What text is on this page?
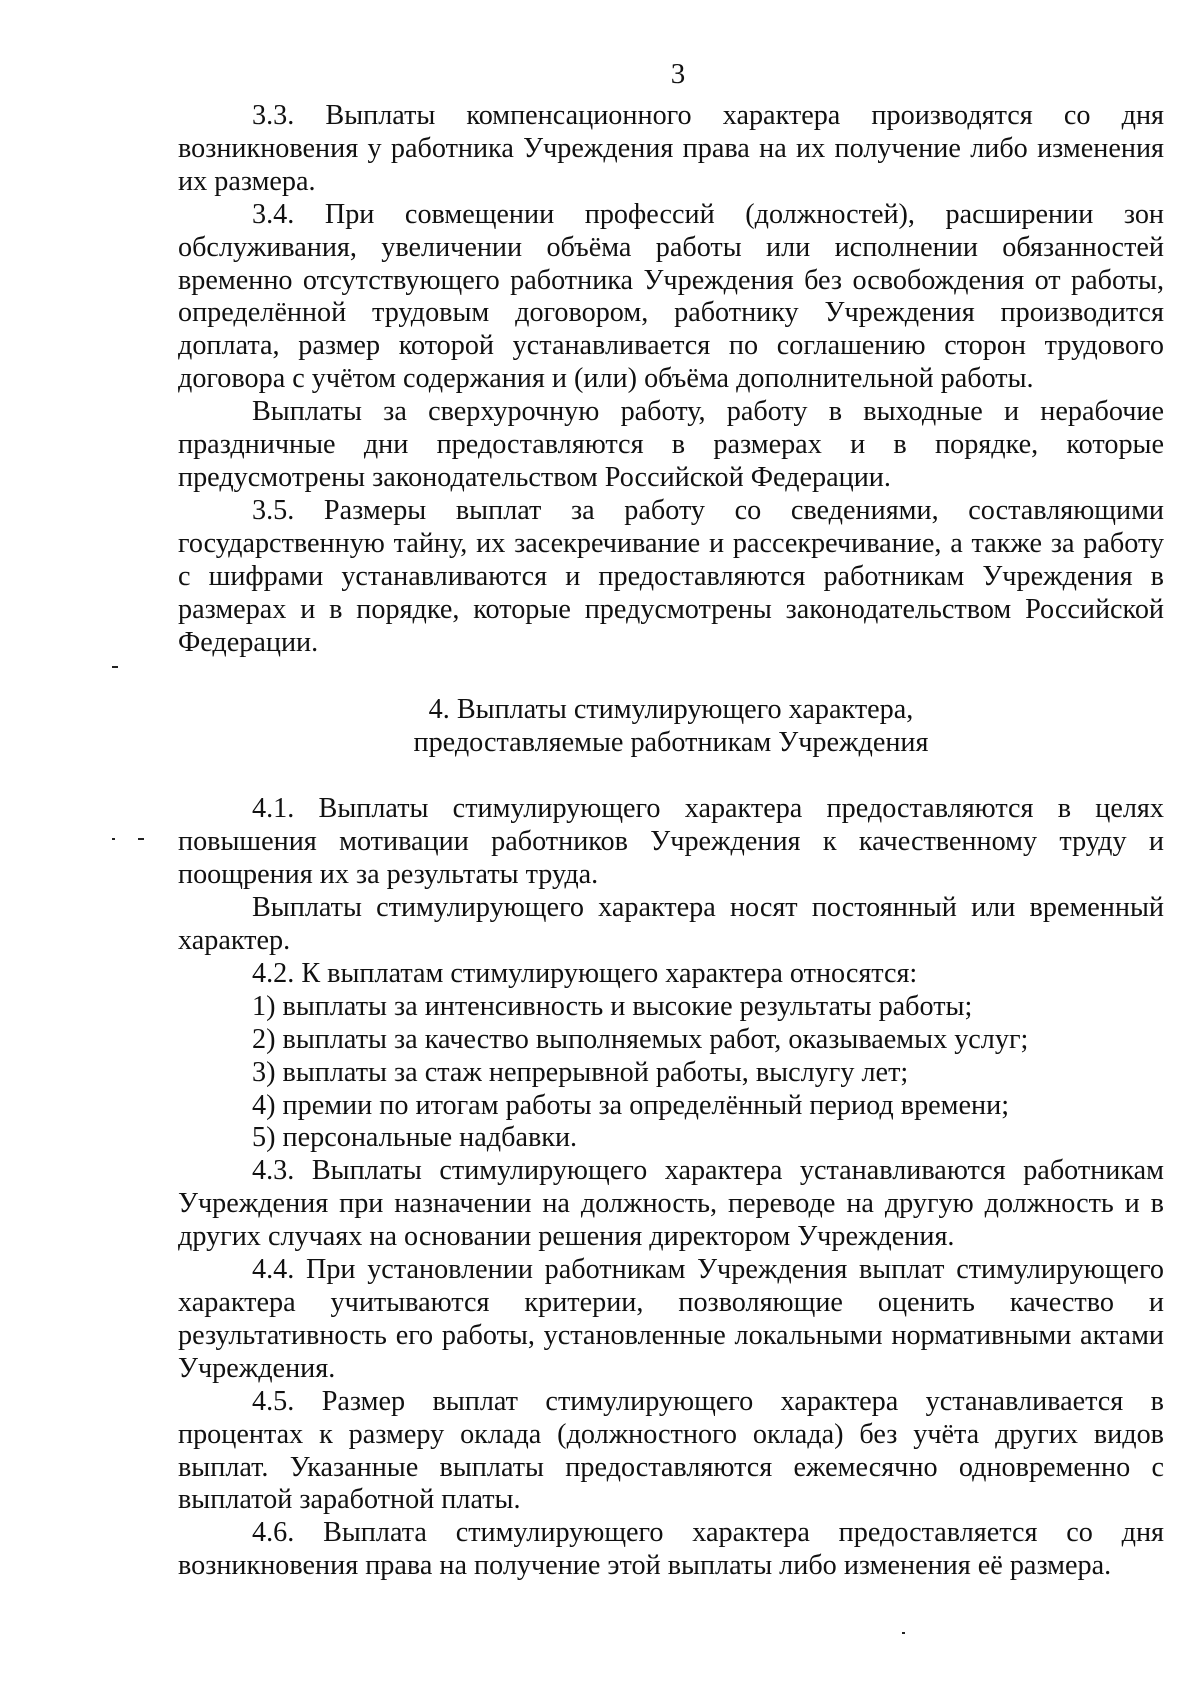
3

3.3. Выплаты компенсационного характера производятся со дня возникновения у работника Учреждения права на их получение либо изменения их размера.

3.4. При совмещении профессий (должностей), расширении зон обслуживания, увеличении объёма работы или исполнении обязанностей временно отсутствующего работника Учреждения без освобождения от работы, определённой трудовым договором, работнику Учреждения производится доплата, размер которой устанавливается по соглашению сторон трудового договора с учётом содержания и (или) объёма дополнительной работы.

Выплаты за сверхурочную работу, работу в выходные и нерабочие праздничные дни предоставляются в размерах и в порядке, которые предусмотрены законодательством Российской Федерации.

3.5. Размеры выплат за работу со сведениями, составляющими государственную тайну, их засекречивание и рассекречивание, а также за работу с шифрами устанавливаются и предоставляются работникам Учреждения в размерах и в порядке, которые предусмотрены законодательством Российской Федерации.

4. Выплаты стимулирующего характера,
предоставляемые работникам Учреждения

4.1. Выплаты стимулирующего характера предоставляются в целях повышения мотивации работников Учреждения к качественному труду и поощрения их за результаты труда.

Выплаты стимулирующего характера носят постоянный или временный характер.

4.2. К выплатам стимулирующего характера относятся:

1) выплаты за интенсивность и высокие результаты работы;

2) выплаты за качество выполняемых работ, оказываемых услуг;

3) выплаты за стаж непрерывной работы, выслугу лет;

4) премии по итогам работы за определённый период времени;

5) персональные надбавки.

4.3. Выплаты стимулирующего характера устанавливаются работникам Учреждения при назначении на должность, переводе на другую должность и в других случаях на основании решения директором Учреждения.

4.4. При установлении работникам Учреждения выплат стимулирующего характера учитываются критерии, позволяющие оценить качество и результативность его работы, установленные локальными нормативными актами Учреждения.

4.5. Размер выплат стимулирующего характера устанавливается в процентах к размеру оклада (должностного оклада) без учёта других видов выплат. Указанные выплаты предоставляются ежемесячно одновременно с выплатой заработной платы.

4.6. Выплата стимулирующего характера предоставляется со дня возникновения права на получение этой выплаты либо изменения её размера.
